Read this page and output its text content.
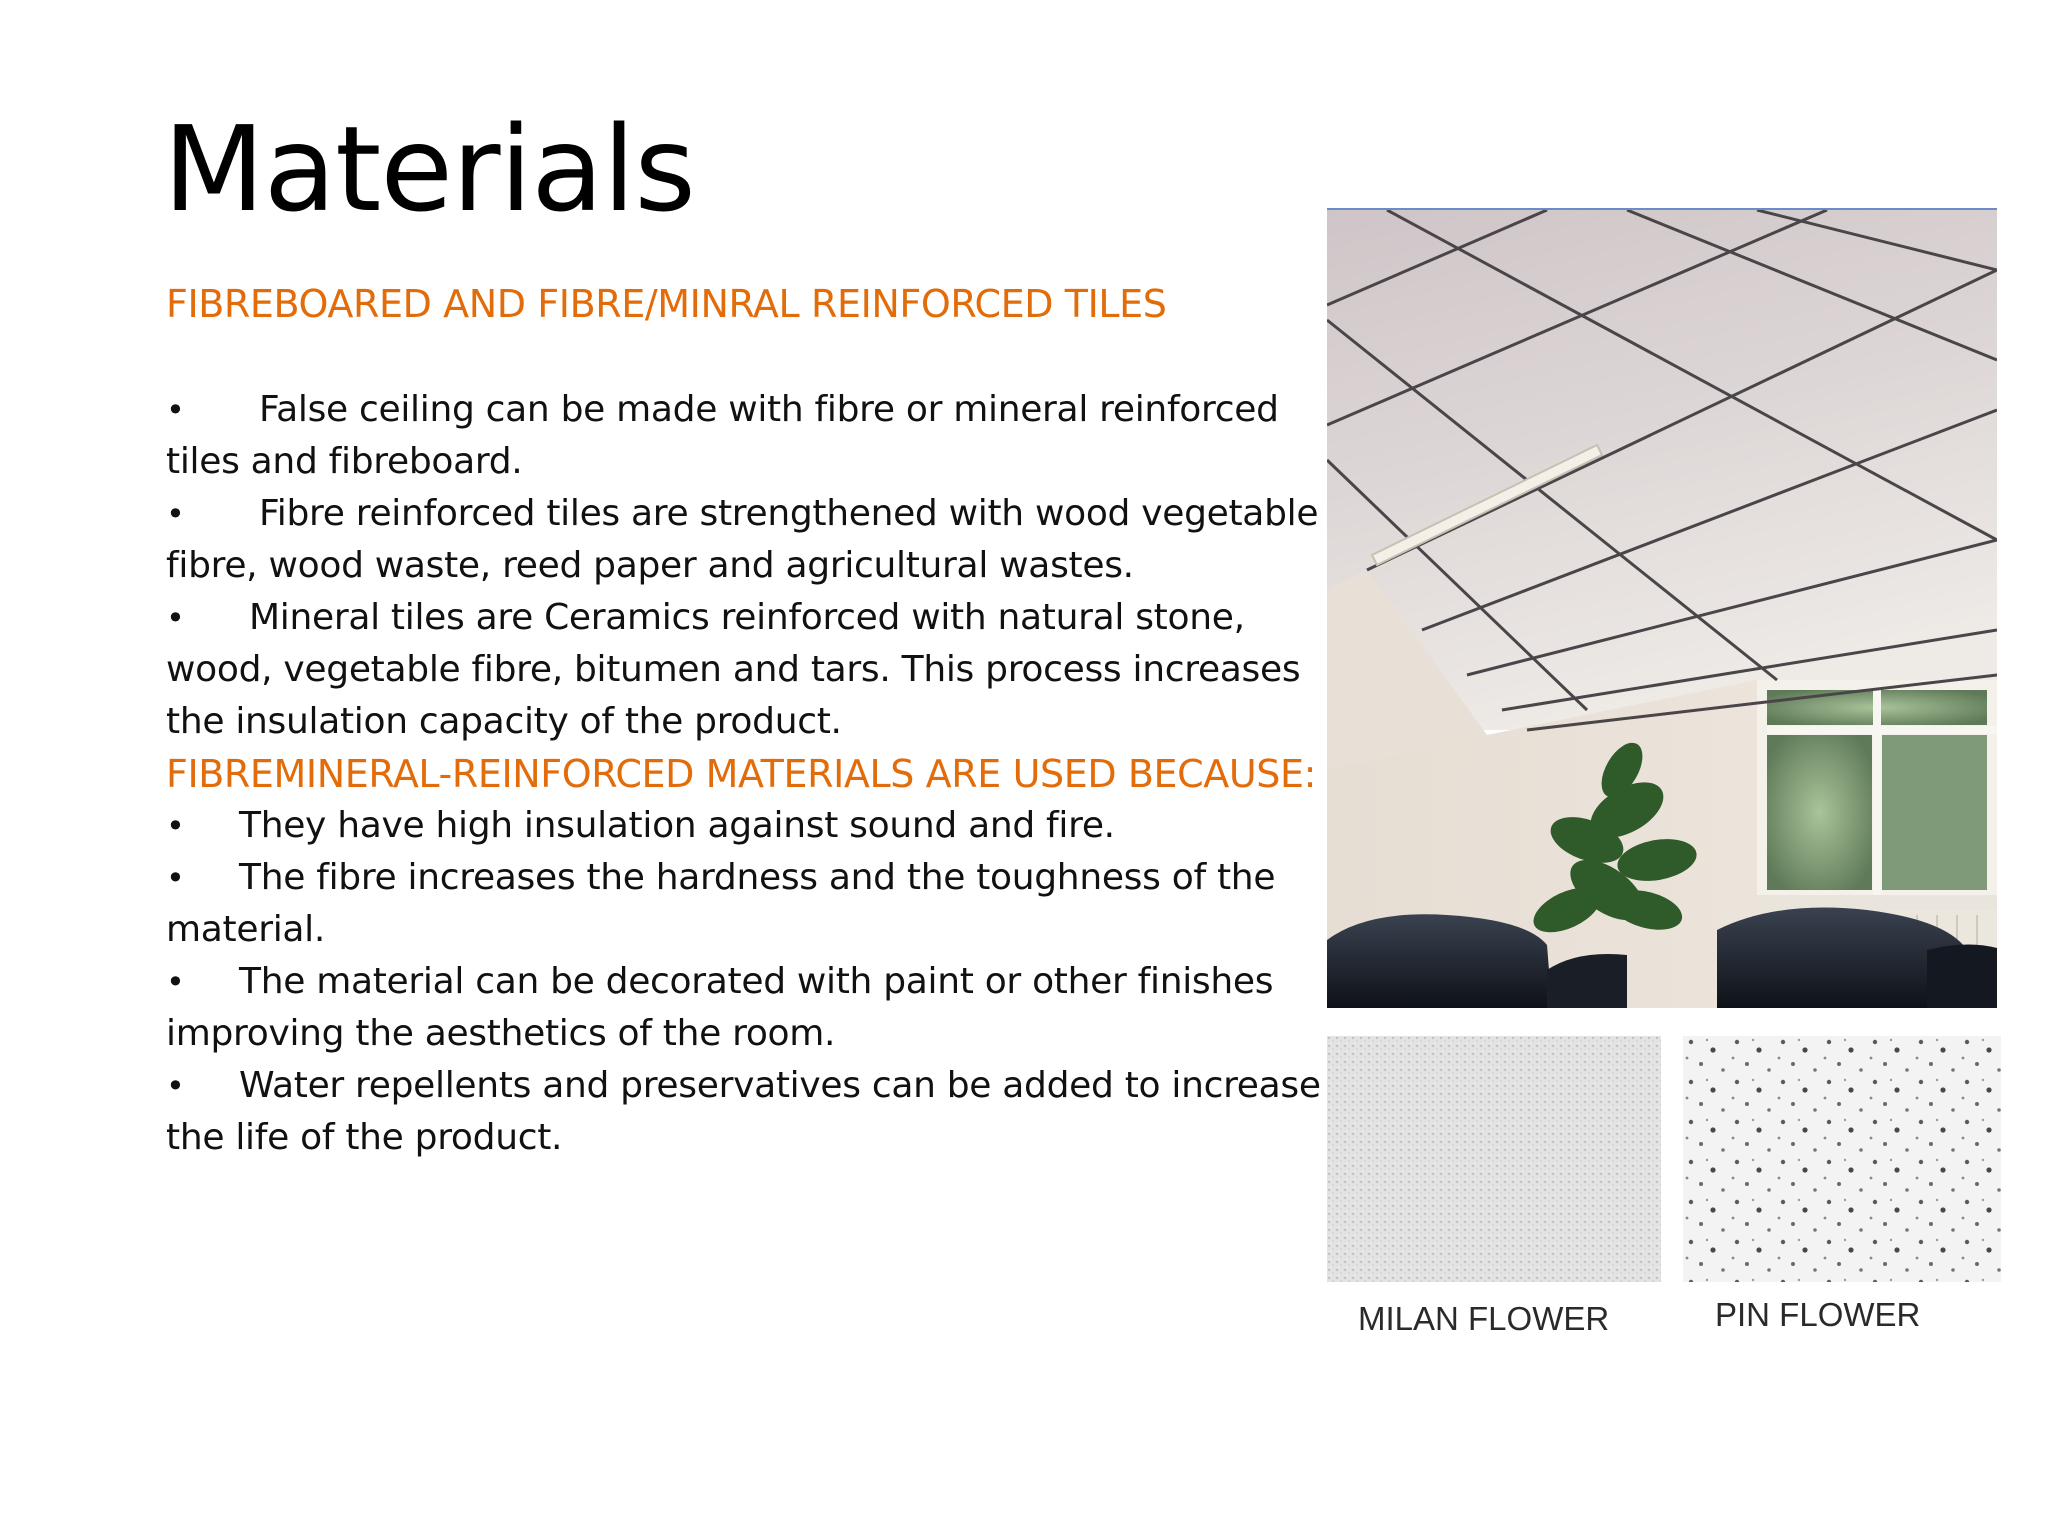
Materials

FIBREBOARED AND FIBRE/MINRAL REINFORCED TILES

• False ceiling can be made with fibre or mineral reinforced
tiles and fibreboard.
• Fibre reinforced tiles are strengthened with wood vegetable
fibre, wood waste, reed paper and agricultural wastes.
• Mineral tiles are Ceramics reinforced with natural stone,
wood, vegetable fibre, bitumen and tars. This process increases
the insulation capacity of the product.

FIBREMINERAL-REINFORCED MATERIALS ARE USED BECAUSE:

• They have high insulation against sound and fire.
• The fibre increases the hardness and the toughness of the
material.
• The material can be decorated with paint or other finishes
improving the aesthetics of the room.
• Water repellents and preservatives can be added to increase
the life of the product.
MILAN FLOWER	PIN FLOWER
